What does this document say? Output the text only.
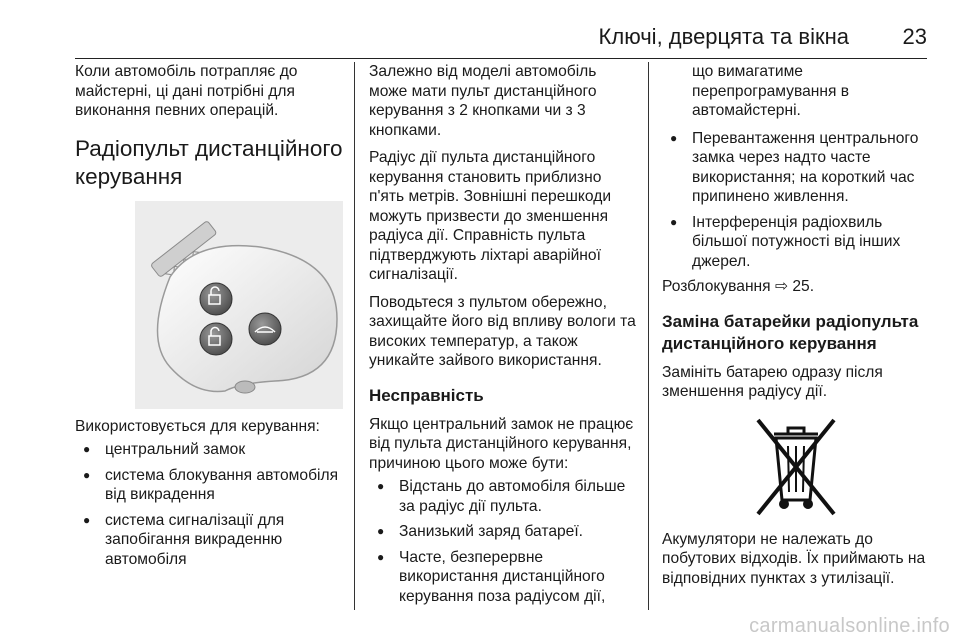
Ключі, дверцята та вікна 23

Коли автомобіль потрапляє до майстерні, ці дані потрібні для виконання певних операцій.

Радіопульт дистанційного керування

Використовується для керування:

● центральний замок
● система блокування автомобіля від викрадення
● система сигналізації для запобігання викраденню автомобіля

Залежно від моделі автомобіль може мати пульт дистанційного керування з 2 кнопками чи з 3 кнопками.

Радіус дії пульта дистанційного керування становить приблизно п'ять метрів. Зовнішні перешкоди можуть призвести до зменшення радіуса дії. Справність пульта підтверджують ліхтарі аварійної сигналізації.

Поводьтеся з пультом обережно, захищайте його від впливу вологи та високих температур, а також уникайте зайвого використання.

Несправність

Якщо центральний замок не працює від пульта дистанційного керування, причиною цього може бути:

● Відстань до автомобіля більше за радіус дії пульта.
● Занизький заряд батареї.
● Часте, безперервне використання дистанційного керування поза радіусом дії,

що вимагатиме перепрограмування в автомайстерні.

● Перевантаження центрального замка через надто часте використання; на короткий час припинено живлення.
● Інтерференція радіохвиль більшої потужності від інших джерел.

Розблокування ⇨ 25.

Заміна батарейки радіопульта дистанційного керування

Замініть батарею одразу після зменшення радіусу дії.

Акумулятори не належать до побутових відходів. Їх приймають на відповідних пунктах з утилізації.

carmanualsonline.info
